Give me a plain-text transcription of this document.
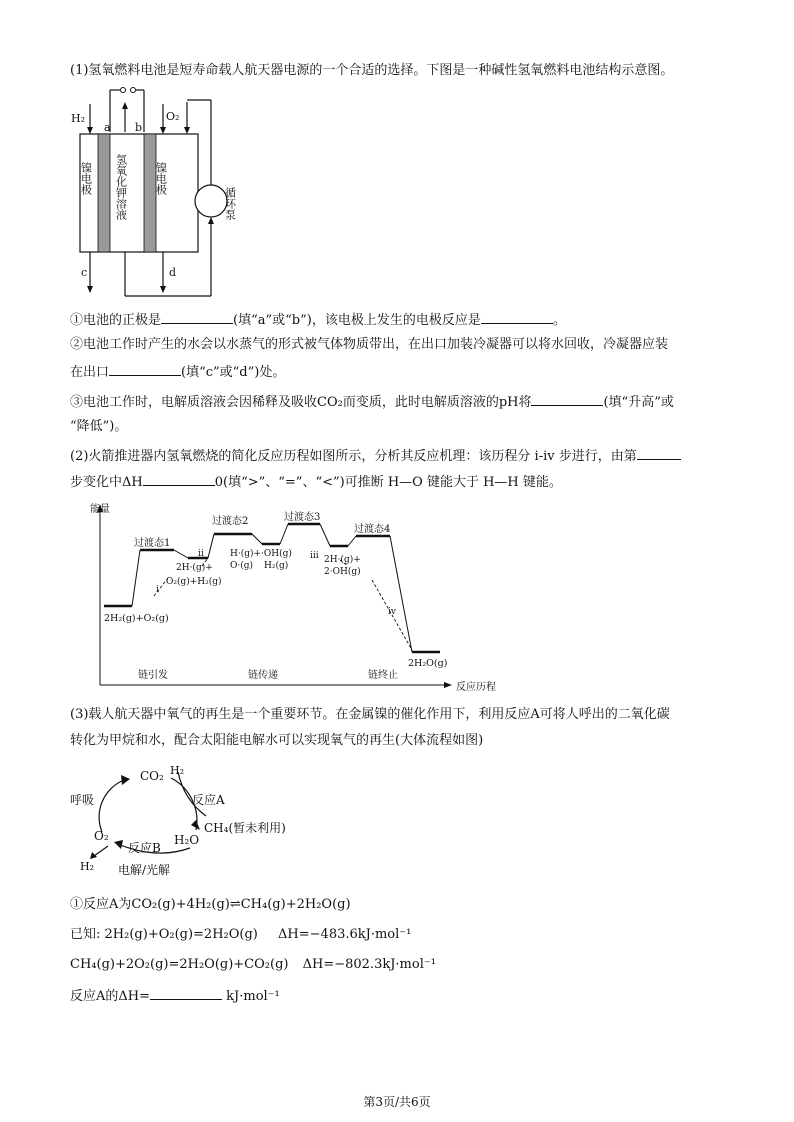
(1)氢氧燃料电池是短寿命载人航天器电源的一个合适的选择。下图是一种碱性氢氧燃料电池结构示意图。
H₂
a b
O₂
镍电极 氢氧化钾溶液 镍电极
c	d
循环泵
①电池的正极是	(填“a”或“b”)，该电极上发生的电极反应是	。
②电池工作时产生的水会以水蒸气的形式被气体物质带出，在出口加装冷凝器可以将水回收，冷凝器应装
在出口	(填“c”或“d”)处。
③电池工作时，电解质溶液会因稀释及吸收CO₂而变质，此时电解质溶液的pH将	(填“升高”或
“降低”)。
(2)火箭推进器内氢氧燃烧的简化反应历程如图所示，分析其反应机理：该历程分 i-iv 步进行，由第
步变化中ΔH	0(填“>”、“=”、“<”)可推断 H—O 键能大于 H—H 键能。
能量
反应历程
2H₂(g)+O₂(g)
过渡态1
过渡态2	过渡态3
过渡态4
2H·(g)+
O₂(g)+H₂(g)
H·(g)+·OH(g)
O·(g) H₂(g)
2H·(g)+
2·OH(g)
2H₂O(g)
i
ii	iii
iv
链引发	链传递	链终止
(3)载人航天器中氧气的再生是一个重要环节。在金属镍的催化作用下，利用反应A可将人呼出的二氧化碳
转化为甲烷和水，配合太阳能电解水可以实现氧气的再生(大体流程如图)
CO₂ H₂
反应A
CH₄(暂未利用)
H₂O
反应B
电解/光解
O₂
H₂
呼吸
①反应A为CO₂(g)+4H₂(g)⇌CH₄(g)+2H₂O(g)
已知: 2H₂(g)+O₂(g)=2H₂O(g) ΔH=−483.6kJ·mol⁻¹
CH₄(g)+2O₂(g)=2H₂O(g)+CO₂(g) ΔH=−802.3kJ·mol⁻¹
反应A的ΔH=	kJ·mol⁻¹
第3页/共6页
